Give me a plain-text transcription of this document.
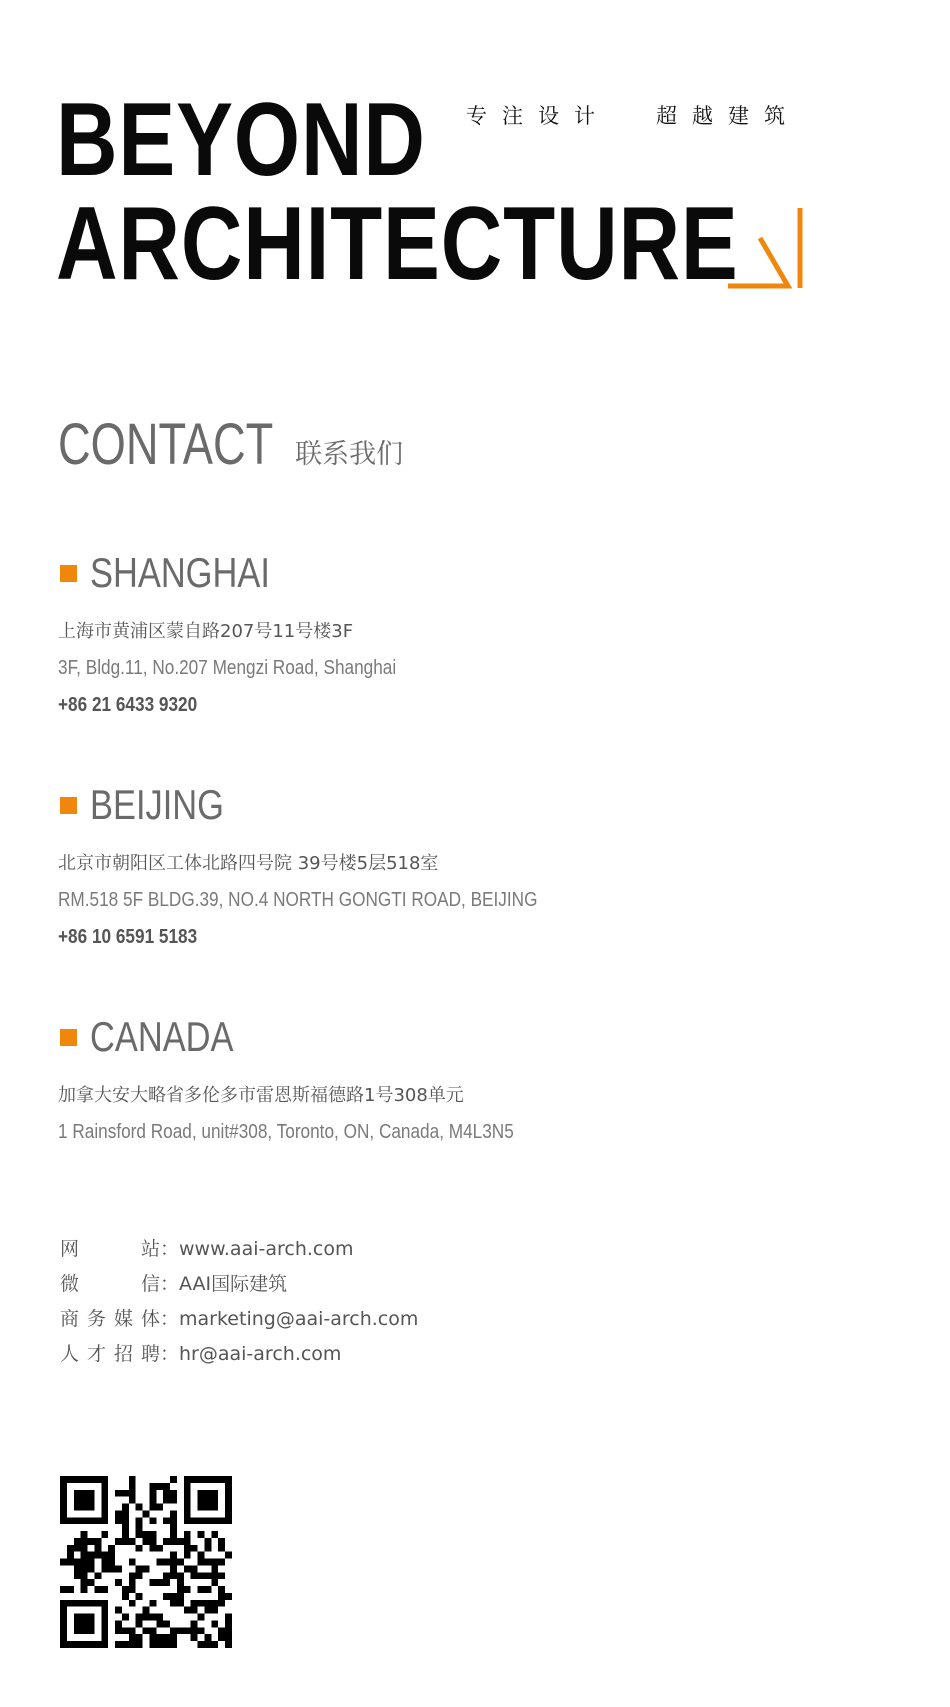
BEYOND
ARCHITECTURE
专注设计 超越建筑
CONTACT 联系我们
SHANGHAI
上海市黄浦区蒙自路207号11号楼3F
3F, Bldg.11, No.207 Mengzi Road, Shanghai
+86 21 6433 9320
BEIJING
北京市朝阳区工体北路四号院 39号楼5层518室
RM.518 5F BLDG.39, NO.4 NORTH GONGTI ROAD, BEIJING
+86 10 6591 5183
CANADA
加拿大安大略省多伦多市雷恩斯福德路1号308单元
1 Rainsford Road, unit#308, Toronto, ON, Canada, M4L3N5
网站：www.aai-arch.com
微信：AAI国际建筑
商务媒体：marketing@aai-arch.com
人才招聘：hr@aai-arch.com
